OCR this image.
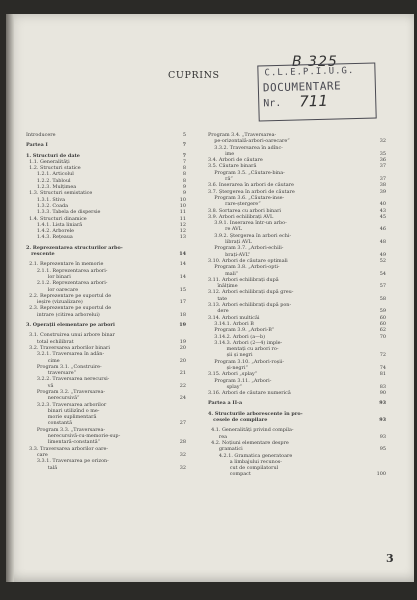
B 325
C.L.E.P.I.U.G.
DOCUMENTARE
Nr. 711
CUPRINS
Introducere	5
Partea I	7
1. Structuri de date	7
1.1. Generalități	7
1.2. Structuri statice	8
1.2.1. Articolul	8
1.2.2. Tabloul	8
1.2.3. Mulțimea	9
1.3. Structuri semistatice	9
1.3.1. Stiva	10
1.3.2. Coada	10
1.3.3. Tabela de dispersie	11
1.4. Structuri dinamice	11
1.4.1. Lista liniară	12
1.4.2. Arborele	12
1.4.3. Rețeaua	13
2. Reprezentarea structurilor arbo-
rescente	14
2.1. Reprezentare în memorie	14
2.1.1. Reprezentarea arbori-
lor binari	14
2.1.2. Reprezentarea arbori-
lor oarecare	15
2.2. Reprezentare pe suportul de
ieșire (vizualizare)	17
2.3. Reprezentare pe suportul de
intrare (citirea arborelui)	18
3. Operații elementare pe arbori	19
3.1. Construirea unui arbore binar
total echilibrat	19
3.2. Traversarea arborilor binari	20
3.2.1. Traversarea în adân-
cime	20
Program 3.1. „Construire-
traversare”	21
3.2.2. Traversarea nerecursi-
vă	22
Program 3.2. „Traversarea-
nerecursivă”	24
3.2.3. Traversarea arborilor
binari utilizînd o me-
morie suplimentară
constantă	27
Program 3.3. „Traversarea-
nerecursivă-cu-memorie-sup-
limentară-constantă”	28
3.3. Traversarea arborilor oare-
care	32
3.3.1. Traversarea pe orizon-
tală	32
Program 3.4. „Traversarea-
pe-orizontală-arbori-oarecare”	32
3.3.2. Traversarea în adînc-
ime	35
3.4. Arbori de căutare	36
3.5. Căutare binară	37
Program 3.5. „Căutare-bina-
ră”	37
3.6. Inserarea în arbori de căutare	38
3.7. Ștergerea în arbori de căutare	39
Program 3.6. „Căutare-inse-
rare-ștergere”	40
3.8. Sortarea cu arbori binari	43
3.9. Arbori echilibrați AVL	45
3.9.1. Inserarea într-un arbo-
re AVL	46
3.9.2. Ștergerea în arbori echi-
librați AVL	48
Program 3.7. „Arbori-echili-
brați-AVL”	49
3.10. Arbori de căutare optimali	52
Program 3.8. „Arbori-opti-
mali”	54
3.11. Arbori echilibrați după
înălțime	57
3.12. Arbori echilibrați după greu-
tate	58
3.13. Arbori echilibrați după pon-
dere	59
3.14. Arbori multicăi	60
3.14.1. Arbori B	60
Program 3.9. „Arbori-B”	62
3.14.2. Arbori (a—b)	70
3.14.3. Arbori (2—4) imple-
mentați cu arbori ro-
șii și negri	72
Program 3.10. „Arbori-roșii-
și-negri”	74
3.15. Arbori „splay”	81
Program 3.11. „Arbori-
splay”	83
3.16. Arbori de căutare numerică	90
Partea a II-a	93
4. Structurile arborescente în pro-
cesele de compilare	93
4.1. Generalități privind compila-
rea	93
4.2. Noțiuni elementare despre
gramatici	95
4.2.1. Gramatica generatoare
a limbajului recunos-
cut de compilatorul
compact	100
3
